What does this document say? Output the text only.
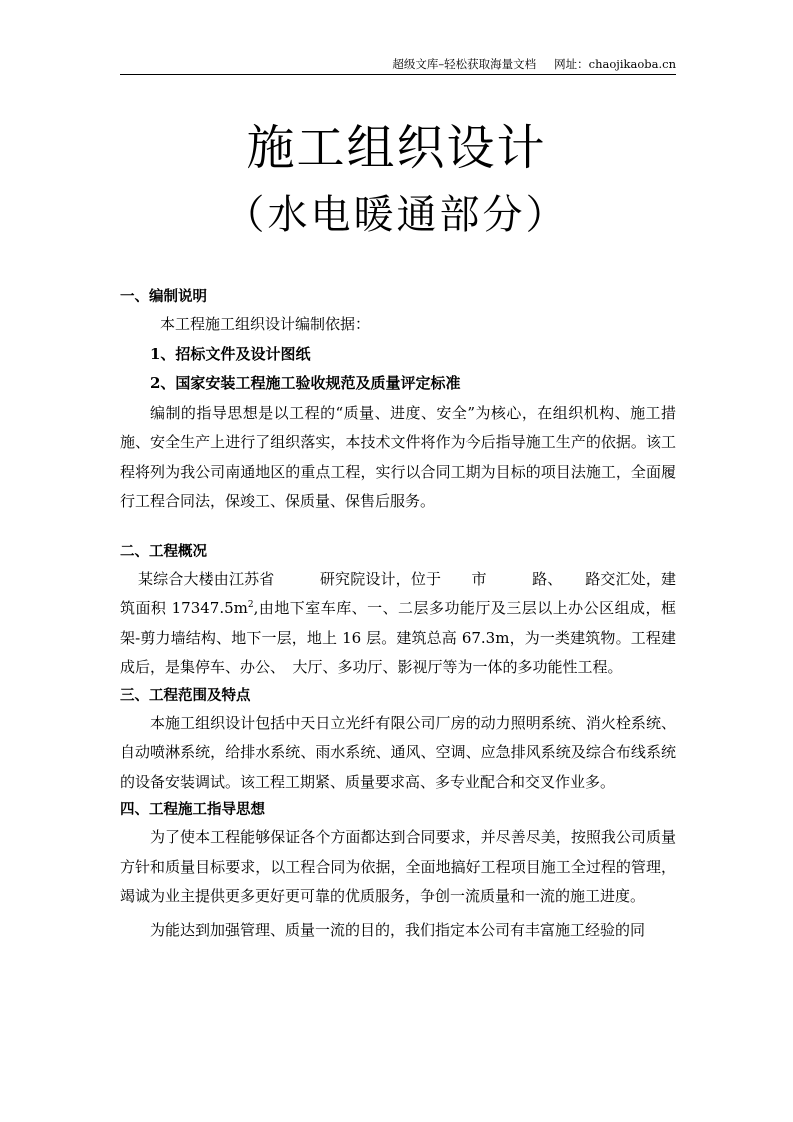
超级文库–轻松获取海量文档 网址：chaojikaoba.cn
施工组织设计
（水电暖通部分）
一、编制说明
本工程施工组织设计编制依据：
1、招标文件及设计图纸
2、国家安装工程施工验收规范及质量评定标准
编制的指导思想是以工程的“质量、进度、安全”为核心，在组织机构、施工措施、安全生产上进行了组织落实，本技术文件将作为今后指导施工生产的依据。该工程将列为我公司南通地区的重点工程，实行以合同工期为目标的项目法施工，全面履行工程合同法，保竣工、保质量、保售后服务。
二、工程概况
某综合大楼由江苏省　　　研究院设计，位于　　市　　　路、　　路交汇处，建筑面积 $17347.5m^2$,由地下室车库、一、二层多功能厅及三层以上办公区组成，框架-剪力墙结构、地下一层，地上 16 层。建筑总高 67.3m，为一类建筑物。工程建成后，是集停车、办公、　大厅、多功厅、影视厅等为一体的多功能性工程。
三、工程范围及特点
本施工组织设计包括中天日立光纤有限公司厂房的动力照明系统、消火栓系统、自动喷淋系统，给排水系统、雨水系统、通风、空调、应急排风系统及综合布线系统的设备安装调试。该工程工期紧、质量要求高、多专业配合和交叉作业多。
四、工程施工指导思想
为了使本工程能够保证各个方面都达到合同要求，并尽善尽美，按照我公司质量方针和质量目标要求，以工程合同为依据，全面地搞好工程项目施工全过程的管理，竭诚为业主提供更多更好更可靠的优质服务，争创一流质量和一流的施工进度。
为能达到加强管理、质量一流的目的，我们指定本公司有丰富施工经验的同
